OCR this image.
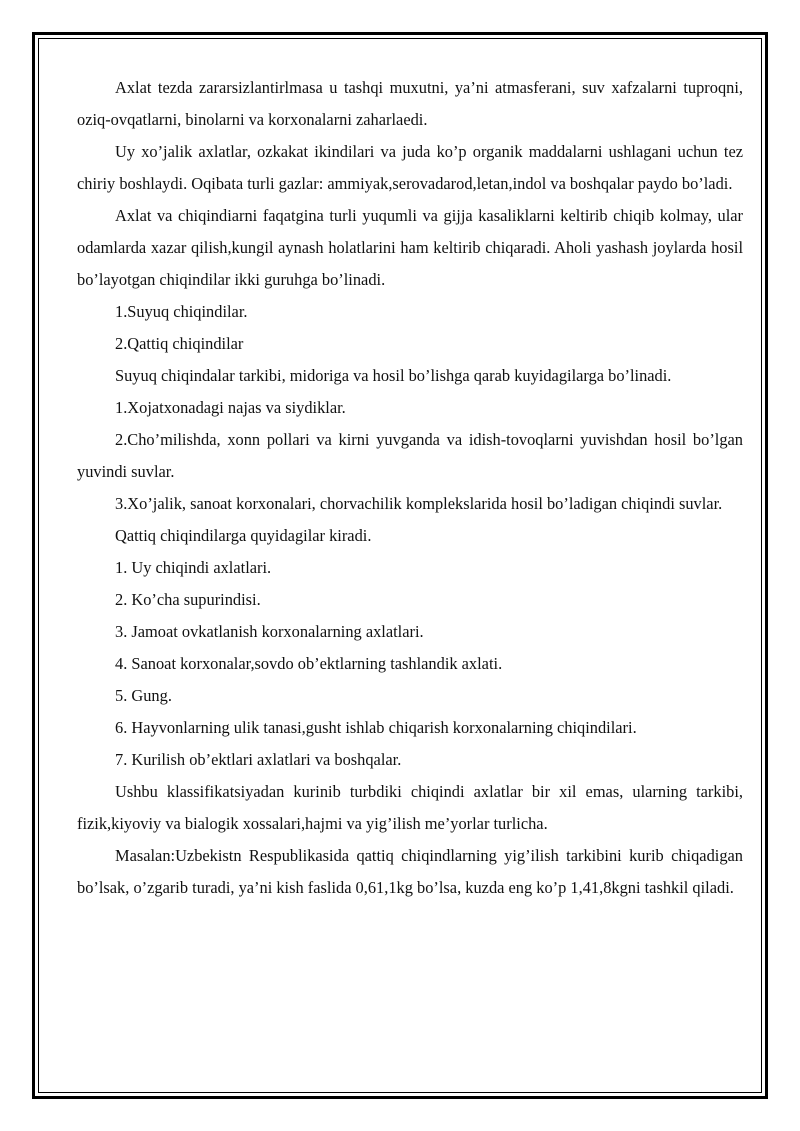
Axlat tezda zararsizlantirlmasa u tashqi muxutni, ya’ni atmasferani, suv xafzalarni tuproqni, oziq-ovqatlarni, binolarni va korxonalarni zaharlaedi.

Uy xo’jalik axlatlar, ozkakat ikindilari va juda ko’p organik maddalarni ushlagani uchun tez chiriy boshlaydi. Oqibata turli gazlar: ammiyak,serovadarod,letan,indol va boshqalar paydo bo’ladi.

Axlat va chiqindiarni faqatgina turli yuqumli va gijja kasaliklarni keltirib chiqib kolmay, ular odamlarda xazar qilish,kungil aynash holatlarini ham keltirib chiqaradi. Aholi yashash joylarda hosil bo’layotgan chiqindilar ikki guruhga bo’linadi.

1.Suyuq chiqindilar.

2.Qattiq chiqindilar

Suyuq chiqindalar tarkibi, midoriga va hosil bo’lishga qarab kuyidagilarga bo’linadi.

1.Xojatxonadagi najas va siydiklar.

2.Cho’milishda, xonn pollari va kirni yuvganda va idish-tovoqlarni yuvishdan hosil bo’lgan yuvindi suvlar.

3.Xo’jalik, sanoat korxonalari, chorvachilik komplekslarida hosil bo’ladigan chiqindi suvlar.

Qattiq chiqindilarga quyidagilar kiradi.

1. Uy chiqindi axlatlari.

2. Ko’cha supurindisi.

3. Jamoat ovkatlanish korxonalarning axlatlari.

4. Sanoat korxonalar,sovdo ob’ektlarning tashlandik axlati.

5. Gung.

6. Hayvonlarning ulik tanasi,gusht ishlab chiqarish korxonalarning chiqindilari.

7. Kurilish ob’ektlari axlatlari va boshqalar.

Ushbu klassifikatsiyadan kurinib turbdiki chiqindi axlatlar bir xil emas, ularning tarkibi, fizik,kiyoviy va bialogik xossalari,hajmi va yig’ilish me’yorlar turlicha.

Masalan:Uzbekistn Respublikasida qattiq chiqindlarning yig’ilish tarkibini kurib chiqadigan bo’lsak, o’zgarib turadi, ya’ni kish faslida 0,61,1kg bo’lsa, kuzda eng ko’p 1,41,8kgni tashkil qiladi.
